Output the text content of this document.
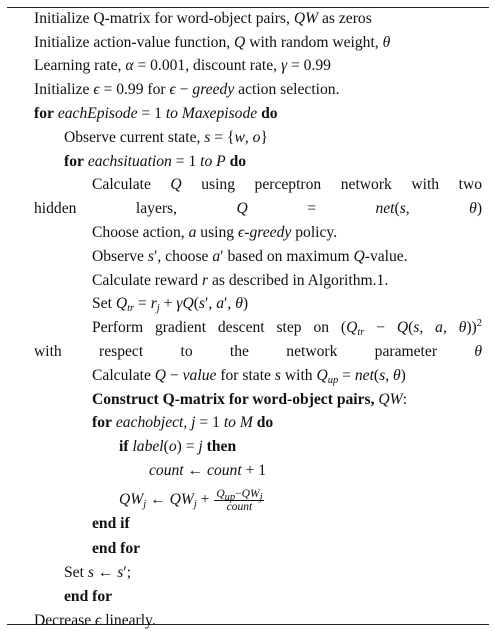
Initialize Q-matrix for word-object pairs, QW as zeros
Initialize action-value function, Q with random weight, θ
Learning rate, α = 0.001, discount rate, γ = 0.99
Initialize ϵ = 0.99 for ϵ − greedy action selection.
for eachEpisode = 1 to Maxepisode do
Observe current state, s = {w, o}
for eachsituation = 1 to P do
Calculate Q using perceptron network with two
hidden layers, Q = net(s, θ)
Choose action, a using ϵ-greedy policy.
Observe s′, choose a′ based on maximum Q-value.
Calculate reward r as described in Algorithm.1.
Set $Q_{tr} = r_j + \gamma Q(s'$, a′, θ)
Perform gradient descent step on ($Q_{tr} - Q(s$, a, θ))$^2$
with respect to the network parameter θ
Calculate Q − value for state s with $Q_{up} = net(s$, θ)
Construct Q-matrix for word-object pairs, QW:
for eachobject, j = 1 to M do
if label(o) = j then
count ← count + 1
$QW_j$ ← $QW_j + \frac{Q_{up}-QW_j}{\text{count}}$
end if
end for
Set s ← s′;
end for
Decrease ϵ linearly.
